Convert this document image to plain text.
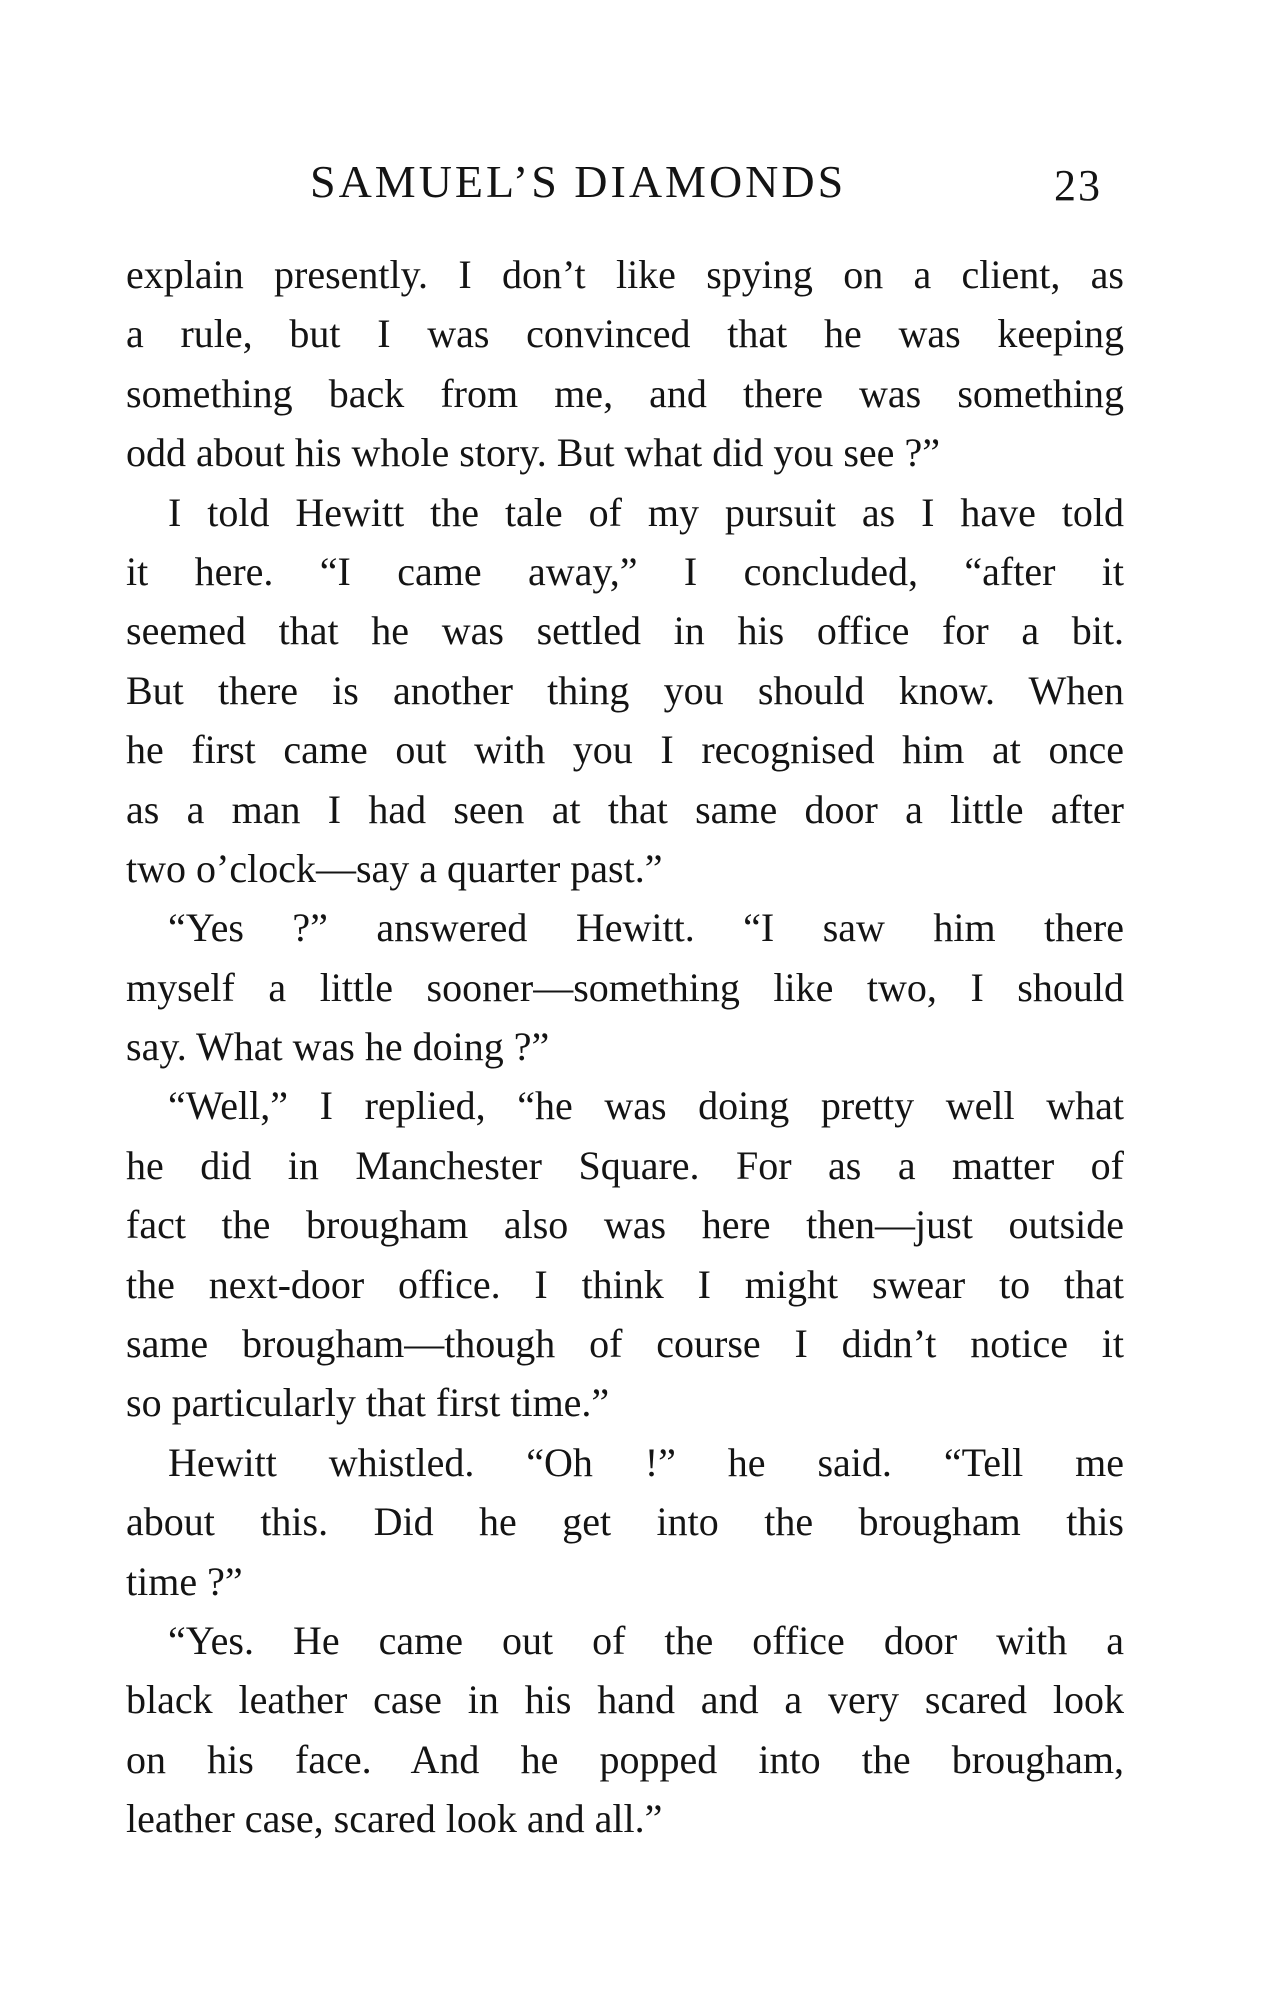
SAMUEL’S DIAMONDS	23
explain presently. I don’t like spying on a client, as
a rule, but I was convinced that he was keeping
something back from me, and there was something
odd about his whole story. But what did you see ?”
I told Hewitt the tale of my pursuit as I have told
it here. “I came away,” I concluded, “after it
seemed that he was settled in his office for a bit.
But there is another thing you should know. When
he first came out with you I recognised him at once
as a man I had seen at that same door a little after
two o’clock—say a quarter past.”
“Yes ?” answered Hewitt. “I saw him there
myself a little sooner—something like two, I should
say. What was he doing ?”
“Well,” I replied, “he was doing pretty well what
he did in Manchester Square. For as a matter of
fact the brougham also was here then—just outside
the next-door office. I think I might swear to that
same brougham—though of course I didn’t notice it
so particularly that first time.”
Hewitt whistled. “Oh !” he said. “Tell me
about this. Did he get into the brougham this
time ?”
“Yes. He came out of the office door with a
black leather case in his hand and a very scared look
on his face. And he popped into the brougham,
leather case, scared look and all.”
